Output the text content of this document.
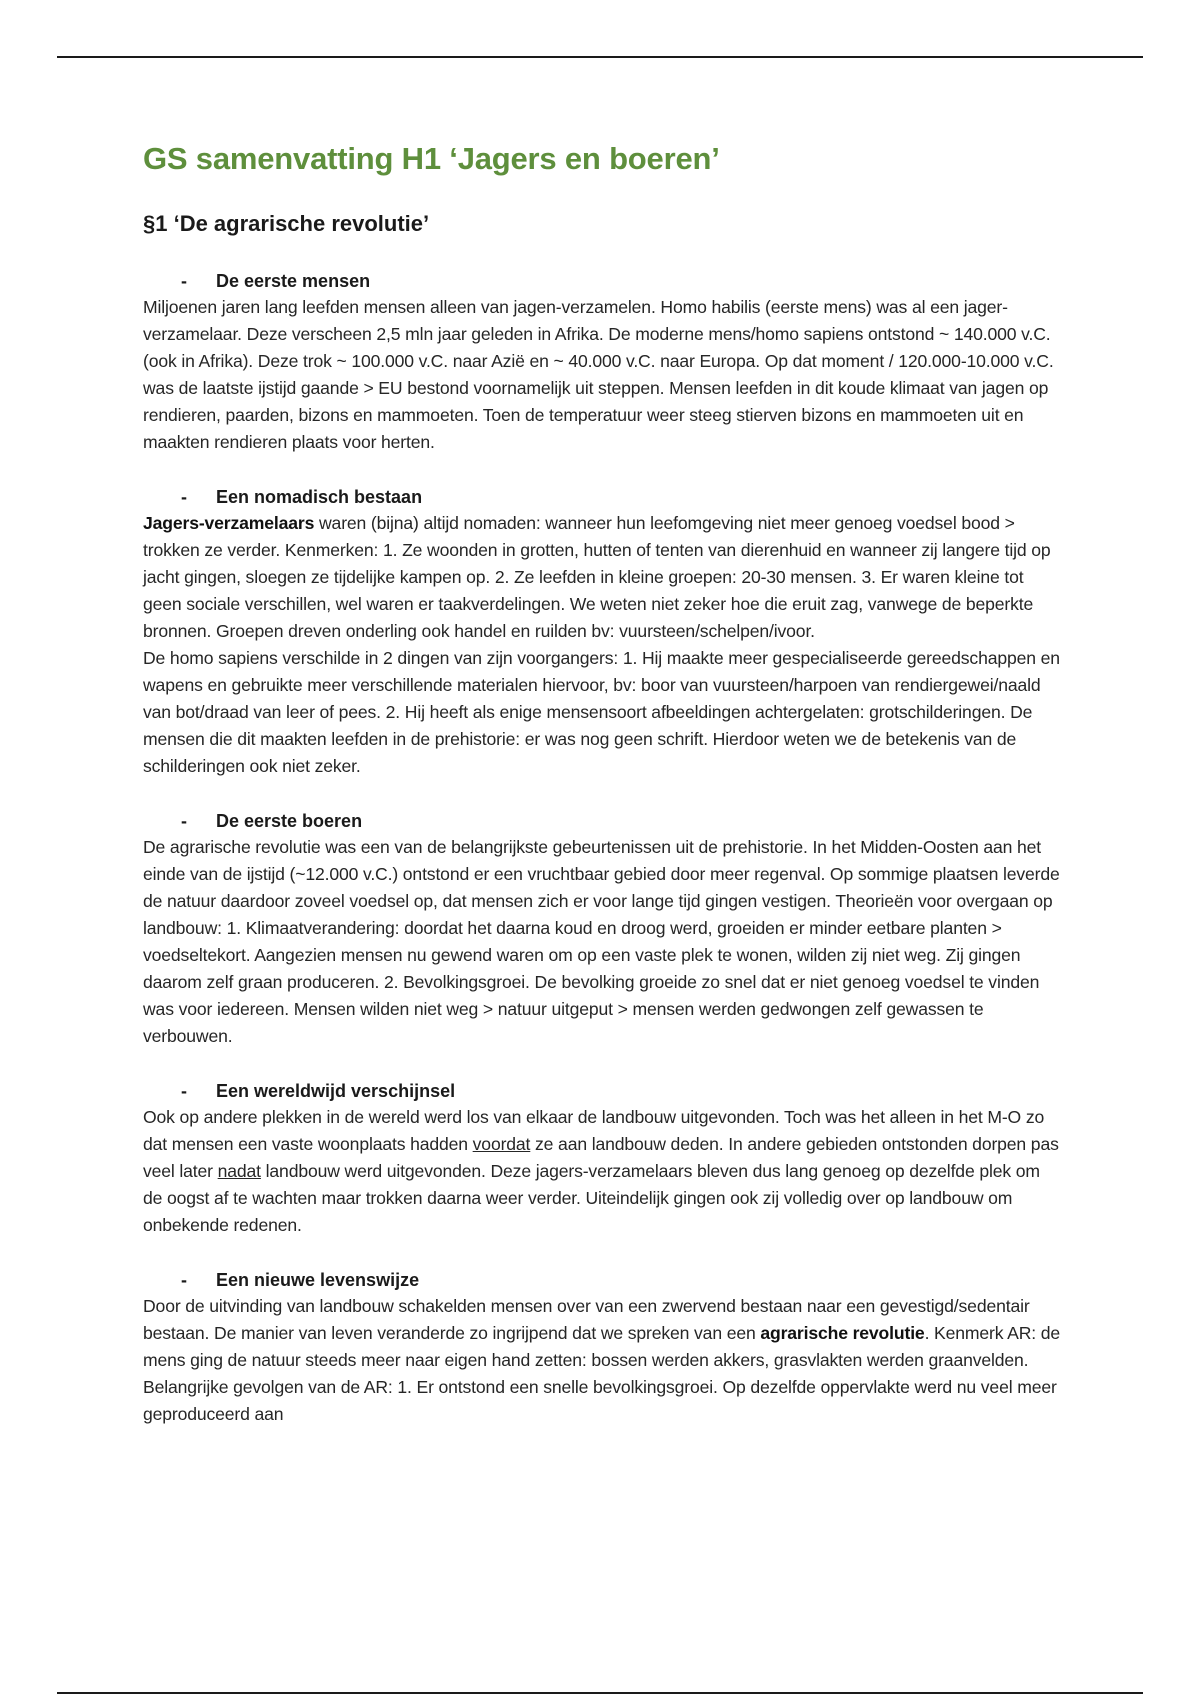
GS samenvatting H1 ‘Jagers en boeren’
§1 ‘De agrarische revolutie’

- De eerste mensen

Miljoenen jaren lang leefden mensen alleen van jagen-verzamelen. Homo habilis (eerste mens) was al een jager-verzamelaar. Deze verscheen 2,5 mln jaar geleden in Afrika. De moderne mens/homo sapiens ontstond ~ 140.000 v.C. (ook in Afrika). Deze trok ~ 100.000 v.C. naar Azië en ~ 40.000 v.C. naar Europa. Op dat moment / 120.000-10.000 v.C. was de laatste ijstijd gaande > EU bestond voornamelijk uit steppen. Mensen leefden in dit koude klimaat van jagen op rendieren, paarden, bizons en mammoeten. Toen de temperatuur weer steeg stierven bizons en mammoeten uit en maakten rendieren plaats voor herten.

- Een nomadisch bestaan

Jagers-verzamelaars waren (bijna) altijd nomaden: wanneer hun leefomgeving niet meer genoeg voedsel bood > trokken ze verder. Kenmerken: 1. Ze woonden in grotten, hutten of tenten van dierenhuid en wanneer zij langere tijd op jacht gingen, sloegen ze tijdelijke kampen op. 2. Ze leefden in kleine groepen: 20-30 mensen. 3. Er waren kleine tot geen sociale verschillen, wel waren er taakverdelingen. We weten niet zeker hoe die eruit zag, vanwege de beperkte bronnen. Groepen dreven onderling ook handel en ruilden bv: vuursteen/schelpen/ivoor.

De homo sapiens verschilde in 2 dingen van zijn voorgangers: 1. Hij maakte meer gespecialiseerde gereedschappen en wapens en gebruikte meer verschillende materialen hiervoor, bv: boor van vuursteen/harpoen van rendiergewei/naald van bot/draad van leer of pees. 2. Hij heeft als enige mensensoort afbeeldingen achtergelaten: grotschilderingen. De mensen die dit maakten leefden in de prehistorie: er was nog geen schrift. Hierdoor weten we de betekenis van de schilderingen ook niet zeker.

- De eerste boeren

De agrarische revolutie was een van de belangrijkste gebeurtenissen uit de prehistorie. In het Midden-Oosten aan het einde van de ijstijd (~12.000 v.C.) ontstond er een vruchtbaar gebied door meer regenval. Op sommige plaatsen leverde de natuur daardoor zoveel voedsel op, dat mensen zich er voor lange tijd gingen vestigen. Theorieën voor overgaan op landbouw: 1. Klimaatverandering: doordat het daarna koud en droog werd, groeiden er minder eetbare planten > voedseltekort. Aangezien mensen nu gewend waren om op een vaste plek te wonen, wilden zij niet weg. Zij gingen daarom zelf graan produceren. 2. Bevolkingsgroei. De bevolking groeide zo snel dat er niet genoeg voedsel te vinden was voor iedereen. Mensen wilden niet weg > natuur uitgeput > mensen werden gedwongen zelf gewassen te verbouwen.

- Een wereldwijd verschijnsel

Ook op andere plekken in de wereld werd los van elkaar de landbouw uitgevonden. Toch was het alleen in het M-O zo dat mensen een vaste woonplaats hadden voordat ze aan landbouw deden. In andere gebieden ontstonden dorpen pas veel later nadat landbouw werd uitgevonden. Deze jagers-verzamelaars bleven dus lang genoeg op dezelfde plek om de oogst af te wachten maar trokken daarna weer verder. Uiteindelijk gingen ook zij volledig over op landbouw om onbekende redenen.

- Een nieuwe levenswijze

Door de uitvinding van landbouw schakelden mensen over van een zwervend bestaan naar een gevestigd/sedentair bestaan. De manier van leven veranderde zo ingrijpend dat we spreken van een agrarische revolutie. Kenmerk AR: de mens ging de natuur steeds meer naar eigen hand zetten: bossen werden akkers, grasvlakten werden graanvelden. Belangrijke gevolgen van de AR: 1. Er ontstond een snelle bevolkingsgroei. Op dezelfde oppervlakte werd nu veel meer geproduceerd aan
